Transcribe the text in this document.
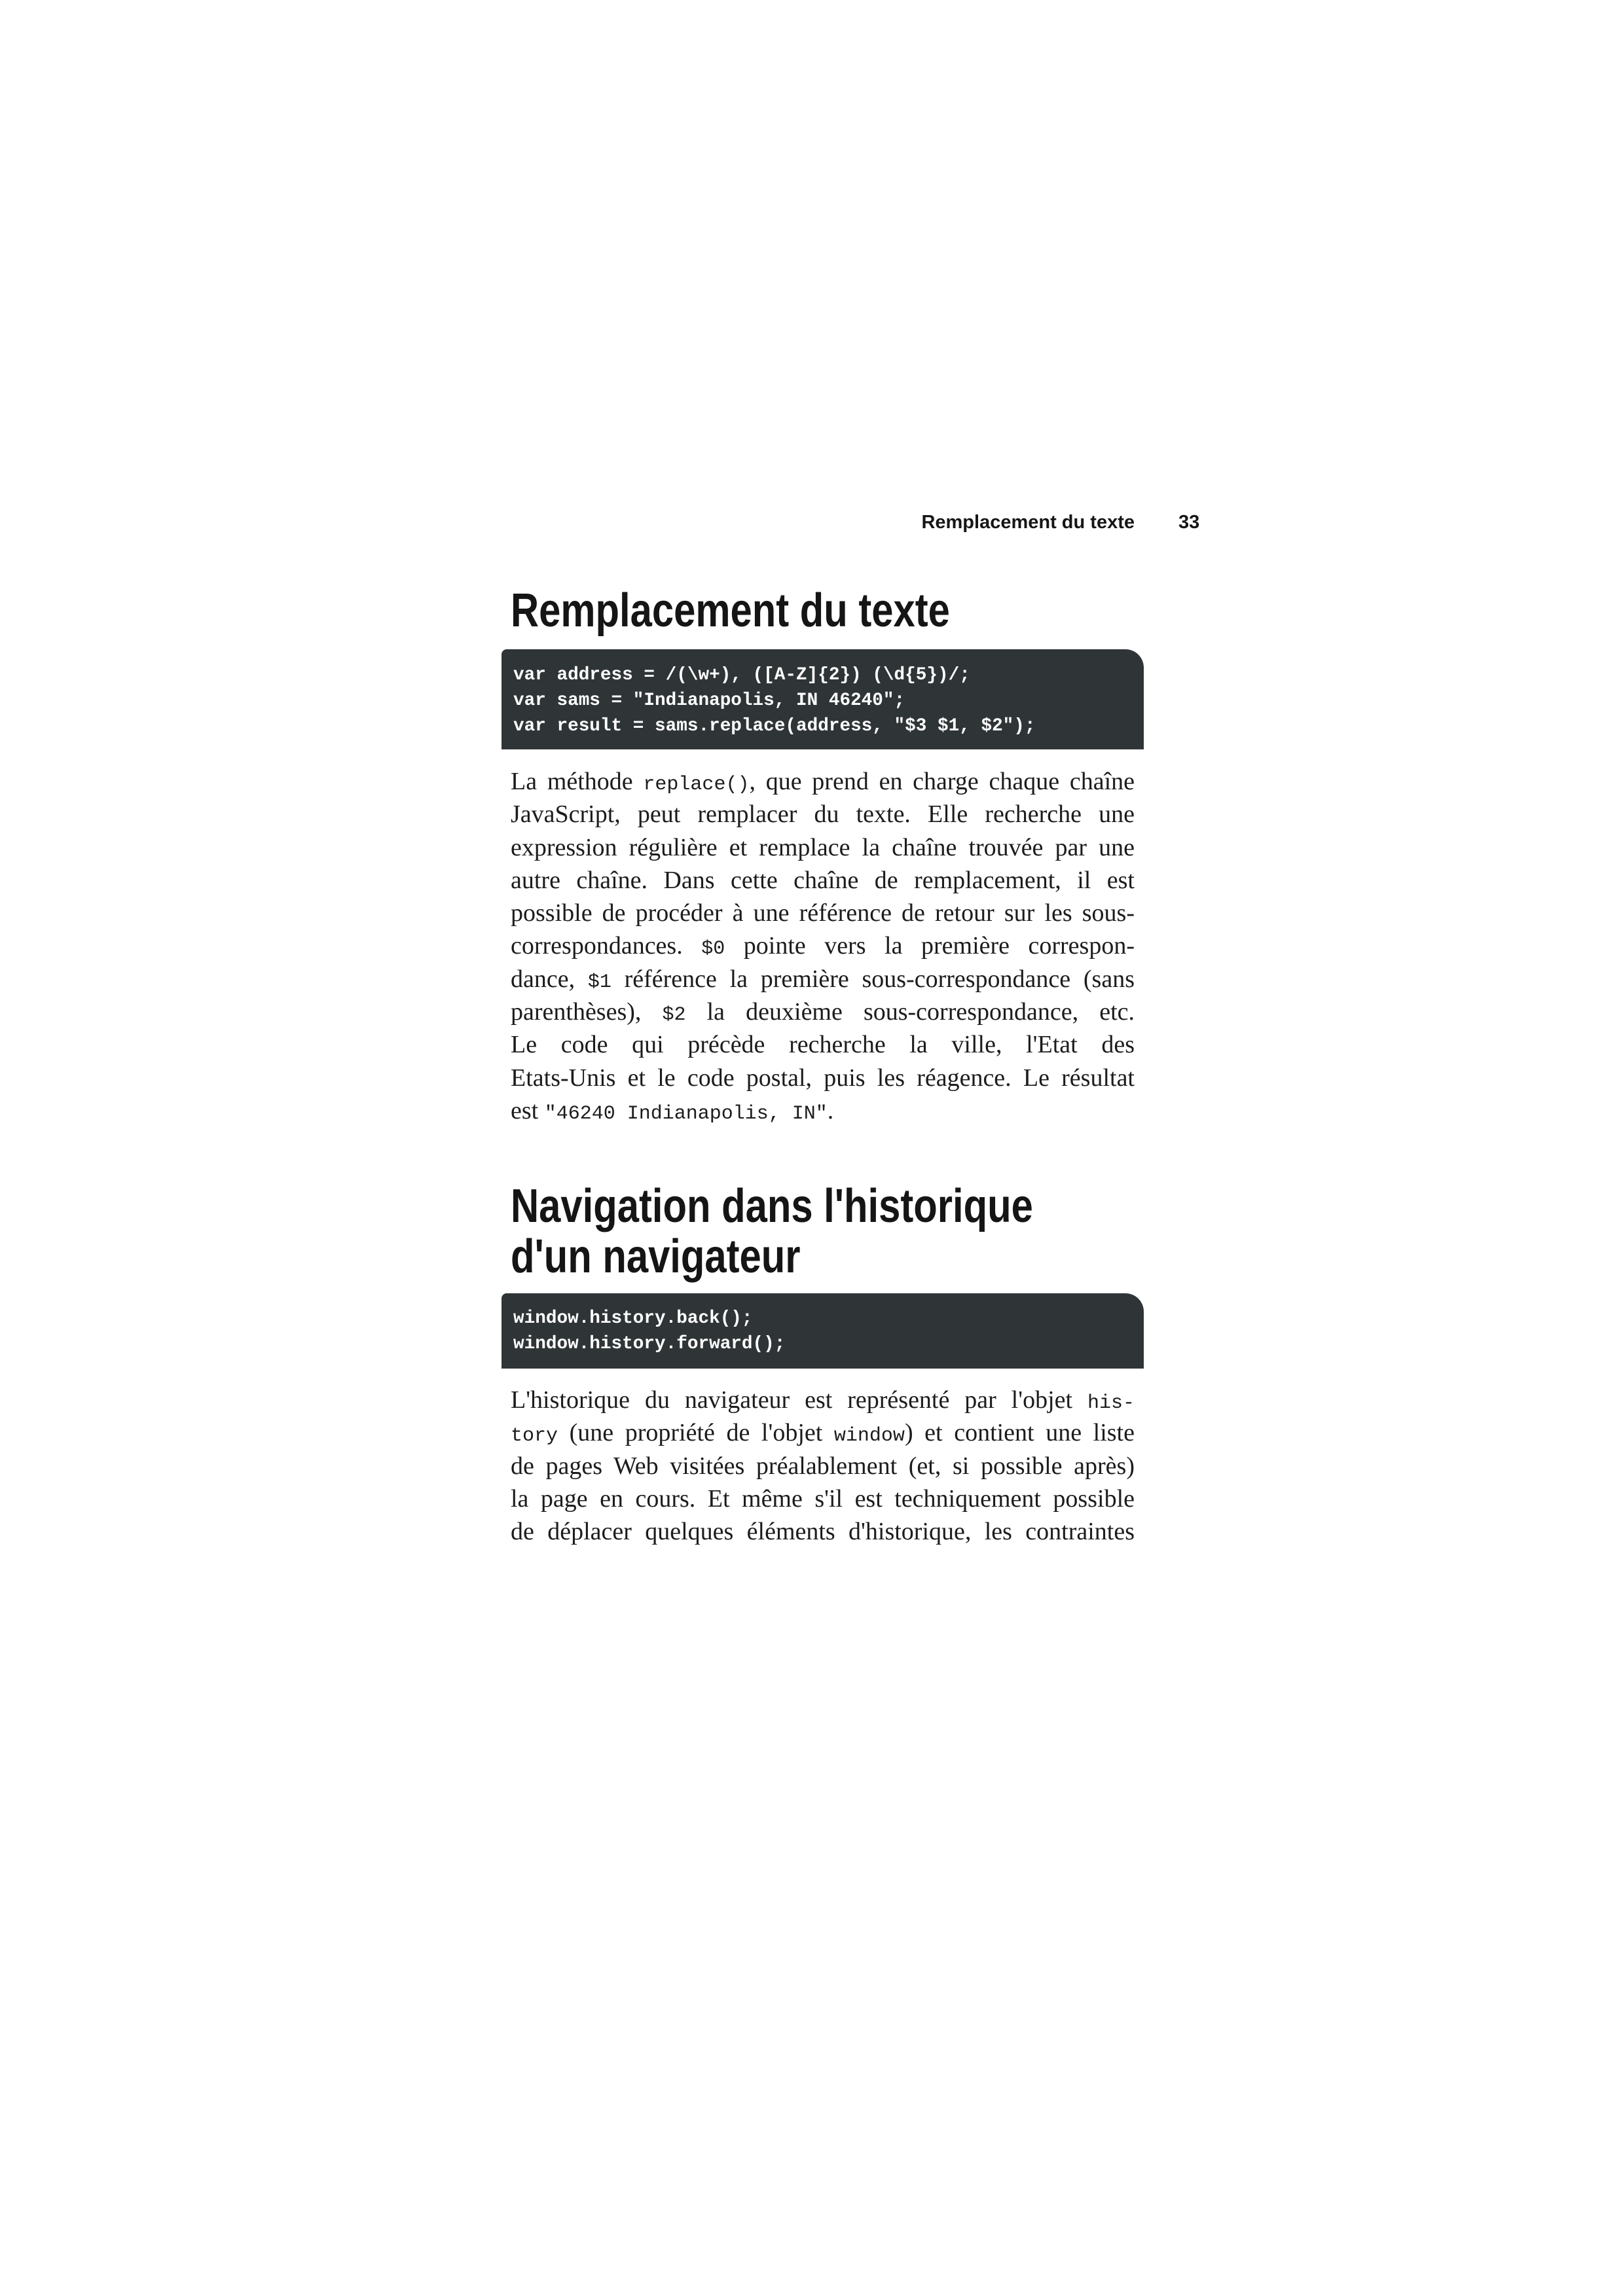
Remplacement du texte 33
Remplacement du texte
var address = /(\w+), ([A-Z]{2}) (\d{5})/;
var sams = "Indianapolis, IN 46240";
var result = sams.replace(address, "$3 $1, $2");
La méthode replace(), que prend en charge chaque chaîne
JavaScript, peut remplacer du texte. Elle recherche une
expression régulière et remplace la chaîne trouvée par une
autre chaîne. Dans cette chaîne de remplacement, il est
possible de procéder à une référence de retour sur les sous-
correspondances. $0 pointe vers la première correspon-
dance, $1 référence la première sous-correspondance (sans
parenthèses), $2 la deuxième sous-correspondance, etc.
Le code qui précède recherche la ville, l'Etat des
Etats-Unis et le code postal, puis les réagence. Le résultat
est "46240 Indianapolis, IN".
Navigation dans l'historique
d'un navigateur
window.history.back();
window.history.forward();
L'historique du navigateur est représenté par l'objet his-
tory (une propriété de l'objet window) et contient une liste
de pages Web visitées préalablement (et, si possible après)
la page en cours. Et même s'il est techniquement possible
de déplacer quelques éléments d'historique, les contraintes
